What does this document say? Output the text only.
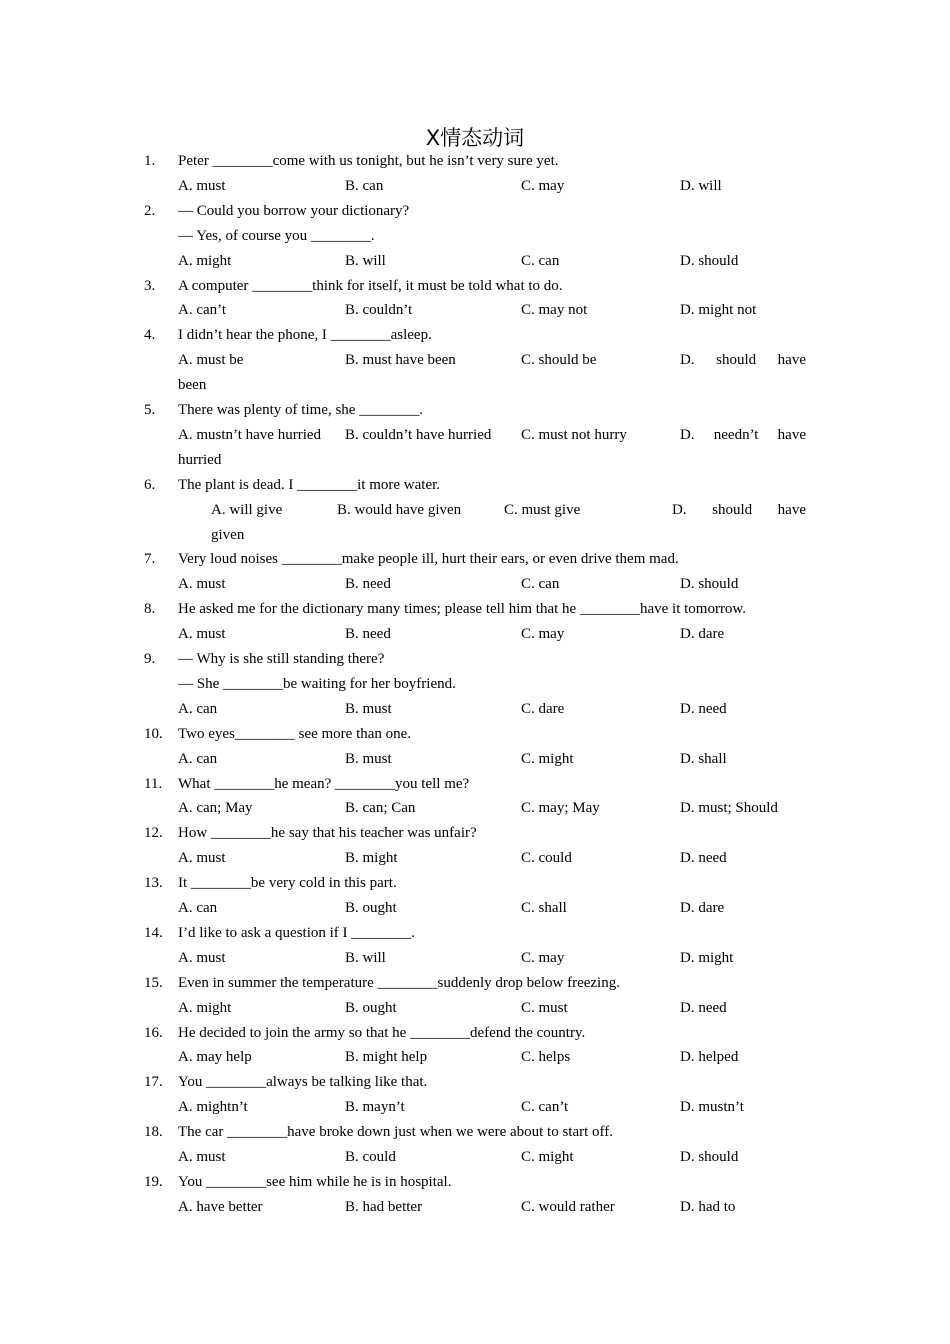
X情态动词
1. Peter ________come with us tonight, but he isn’t very sure yet.
A. must	B. can	C. may	D. will
2. — Could you borrow your dictionary?
— Yes, of course you ________.
A. might	B. will	C. can	D. should
3. A computer ________think for itself, it must be told what to do.
A. can’t	B. couldn’t	C. may not	D. might not
4. I didn’t hear the phone, I ________asleep.
A. must be	B. must have been	C. should be	D. should have
been
5. There was plenty of time, she ________.
A. mustn’t have hurried B. couldn’t have hurried C. must not hurry	D. needn’t have
hurried
6. The plant is dead. I ________it more water.
A. will give	B. would have given	C. must give	D. should have
given
7. Very loud noises ________make people ill, hurt their ears, or even drive them mad.
A. must	B. need	C. can	D. should
8. He asked me for the dictionary many times; please tell him that he ________have it tomorrow.
A. must	B. need	C. may	D. dare
9. — Why is she still standing there?
— She ________be waiting for her boyfriend.
A. can	B. must	C. dare	D. need
10. Two eyes________ see more than one.
A. can	B. must	C. might	D. shall
11. What ________he mean? ________you tell me?
A. can; May	B. can; Can	C. may; May	D. must; Should
12. How ________he say that his teacher was unfair?
A. must	B. might	C. could	D. need
13. It ________be very cold in this part.
A. can	B. ought	C. shall	D. dare
14. I’d like to ask a question if I ________.
A. must	B. will	C. may	D. might
15. Even in summer the temperature ________suddenly drop below freezing.
A. might	B. ought	C. must	D. need
16. He decided to join the army so that he ________defend the country.
A. may help	B. might help	C. helps	D. helped
17. You ________always be talking like that.
A. mightn’t	B. mayn’t	C. can’t	D. mustn’t
18. The car ________have broke down just when we were about to start off.
A. must	B. could	C. might	D. should
19. You ________see him while he is in hospital.
A. have better	B. had better	C. would rather	D. had to
